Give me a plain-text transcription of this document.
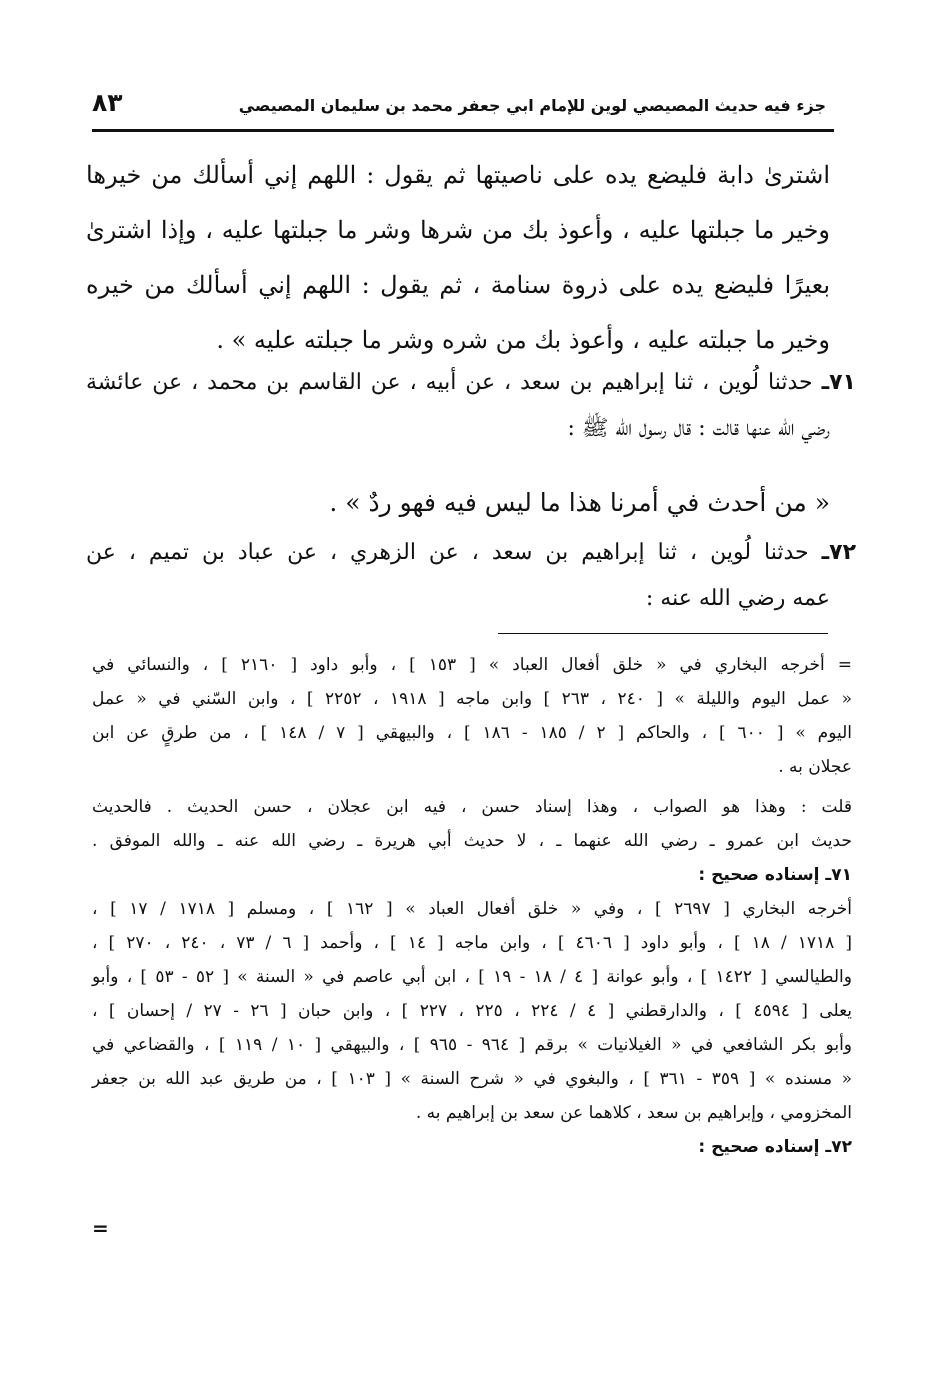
جزء فيه حديث المصيصي لوين للإمام ابي جعفر محمد بن سليمان المصيصي
٨٣
اشترىٰ دابة فليضع يده على ناصيتها ثم يقول : اللهم إني أسألك من خيرها
وخير ما جبلتها عليه ، وأعوذ بك من شرها وشر ما جبلتها عليه ، وإذا اشترىٰ
بعيرًا فليضع يده على ذروة سنامة ، ثم يقول : اللهم إني أسألك من خيره
وخير ما جبلته عليه ، وأعوذ بك من شره وشر ما جبلته عليه » .
٧١ـ حدثنا لُوين ، ثنا إبراهيم بن سعد ، عن أبيه ، عن القاسم بن محمد ، عن عائشة
رضي الله عنها قالت : قال رسول الله ﷺ :
« من أحدث في أمرنا هذا ما ليس فيه فهو ردٌ » .
٧٢ـ حدثنا لُوين ، ثنا إبراهيم بن سعد ، عن الزهري ، عن عباد بن تميم ، عن
عمه رضي الله عنه :
= أخرجه البخاري في « خلق أفعال العباد » [ ١٥٣ ] ، وأبو داود [ ٢١٦٠ ] ، والنسائي في
« عمل اليوم والليلة » [ ٢٤٠ ، ٢٦٣ ] وابن ماجه [ ١٩١٨ ، ٢٢٥٢ ] ، وابن السّني في « عمل
اليوم » [ ٦٠٠ ] ، والحاكم [ ٢ / ١٨٥ - ١٨٦ ] ، والبيهقي [ ٧ / ١٤٨ ] ، من طرقٍ عن ابن
عجلان به .
قلت : وهذا هو الصواب ، وهذا إسناد حسن ، فيه ابن عجلان ، حسن الحديث . فالحديث
حديث ابن عمرو ـ رضي الله عنهما ـ ، لا حديث أبي هريرة ـ رضي الله عنه ـ والله الموفق .
٧١ـ إسناده صحيح :
أخرجه البخاري [ ٢٦٩٧ ] ، وفي « خلق أفعال العباد » [ ١٦٢ ] ، ومسلم [ ١٧١٨ / ١٧ ] ،
[ ١٧١٨ / ١٨ ] ، وأبو داود [ ٤٦٠٦ ] ، وابن ماجه [ ١٤ ] ، وأحمد [ ٦ / ٧٣ ، ٢٤٠ ، ٢٧٠ ] ،
والطيالسي [ ١٤٢٢ ] ، وأبو عوانة [ ٤ / ١٨ - ١٩ ] ، ابن أبي عاصم في « السنة » [ ٥٢ - ٥٣ ] ، وأبو
يعلى [ ٤٥٩٤ ] ، والدارقطني [ ٤ / ٢٢٤ ، ٢٢٥ ، ٢٢٧ ] ، وابن حبان [ ٢٦ - ٢٧ / إحسان ] ،
وأبو بكر الشافعي في « الغيلانيات » برقم [ ٩٦٤ - ٩٦٥ ] ، والبيهقي [ ١٠ / ١١٩ ] ، والقضاعي في
« مسنده » [ ٣٥٩ - ٣٦١ ] ، والبغوي في « شرح السنة » [ ١٠٣ ] ، من طريق عبد الله بن جعفر
المخزومي ، وإبراهيم بن سعد ، كلاهما عن سعد بن إبراهيم به .
٧٢ـ إسناده صحيح :
=
